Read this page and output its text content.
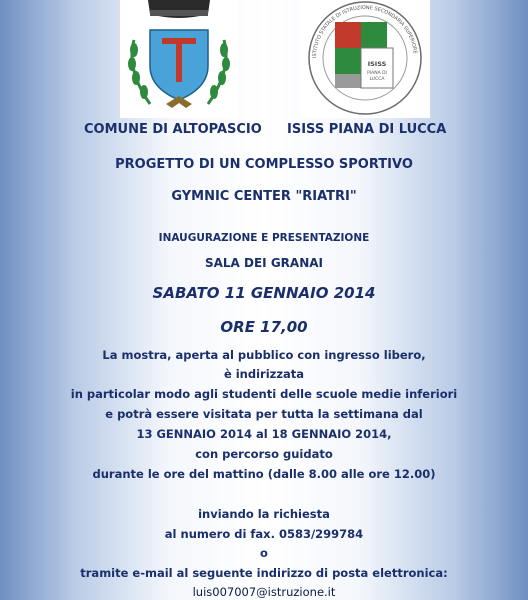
ISTITUTO STATALE DI ISTRUZIONE SECONDARIA SUPERIORE
ISISS
PIANA DI
LUCCA
COMUNE DI ALTOPASCIO ISISS PIANA DI LUCCA
PROGETTO DI UN COMPLESSO SPORTIVO
GYMNIC CENTER "RIATRI"
INAUGURAZIONE E PRESENTAZIONE
SALA DEI GRANAI
SABATO 11 GENNAIO 2014
ORE 17,00
La mostra, aperta al pubblico con ingresso libero,
è indirizzata
in particolar modo agli studenti delle scuole medie inferiori
e potrà essere visitata per tutta la settimana dal
13 GENNAIO 2014 al 18 GENNAIO 2014,
con percorso guidato
durante le ore del mattino (dalle 8.00 alle ore 12.00)
inviando la richiesta
al numero di fax. 0583/299784
o
tramite e-mail al seguente indirizzo di posta elettronica:
luis007007@istruzione.it
